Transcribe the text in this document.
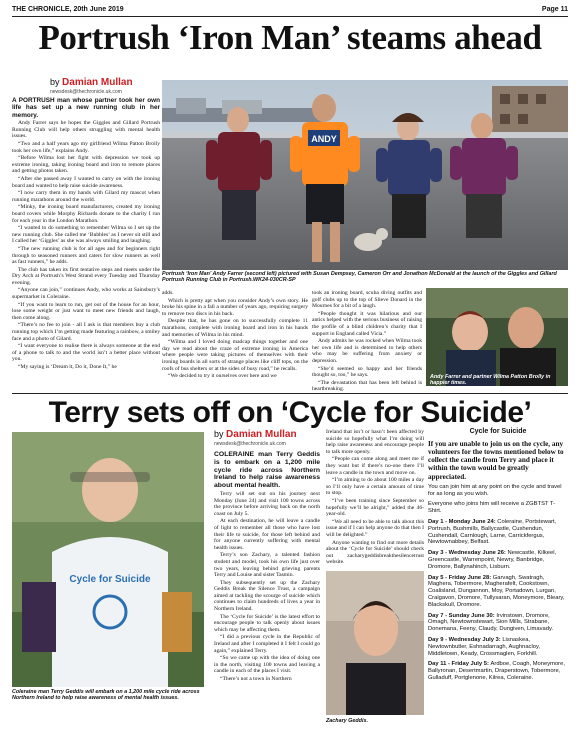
THE CHRONICLE, 20th June 2019	Page 11
Portrush ‘Iron Man’ steams ahead
by Damian Mullan
newsdesk@thechronicle.uk.com

A PORTRUSH man whose partner took her own life has set up a new running club in her memory.

Andy Farrer says he hopes the Giggles and Gillard Portrush Running Club will help others struggling with mental health issues.

“Two and a half years ago my girlfriend Wilma Patton Brolly took her own life,” explains Andy.

“Before Wilma lost her fight with depression we took up extreme ironing, taking ironing board and iron to remote places and getting photos taken.

“After she passed away I wanted to carry on with the ironing board and wanted to help raise suicide awareness.

“I now carry them in my hands with Gilard my mascot when running marathons around the world.

“Minky, the ironing board manufacturers, created my ironing board covers while Morphy Richards donate to the charity I run for each year in the London Marathon.

“I wanted to do something to remember Wilma so I set up the new running club. She called me ‘Bubbles’ as I never sit still and I called her ‘Giggles’ as she was always smiling and laughing.

“The new running club is for all ages and for beginners right through to seasoned runners and caters for slow runners as well as fast runners,” he adds.

The club has taken its first tentative steps and meets under the Dry Arch at Portrush’s West Strand every Tuesday and Thursday evening.

“Anyone can join,” continues Andy, who works at Sainsbury’s supermarket in Coleraine.

“If you want to learn to run, get out of the house for an hour, lose some weight or just want to meet new friends and laugh, then come along.

“There’s no fee to join - all I ask is that members buy a club running top which I’m getting made featuring a rainbow, a smiley face and a photo of Gilard.

“I want everyone to realise there is always someone at the end of a phone to talk to and the world isn’t a better place without you.

“My saying is ‘Dream it, Do it, Done It,” he

ANDY
Portrush ‘Iron Man’ Andy Farrer (second left) pictured with Susan Dempsey, Cameron Orr and Jonathon McDonald at the launch of the Giggles and Gillard Portrush Running Club in Portrush.WK24-030CR-SP

adds.

Which is pretty apt when you consider Andy’s own story. He broke his spine in a fall a number of years ago, requiring surgery to remove two discs in his back.

Despite that, he has gone on to successfully complete 11 marathons, complete with ironing board and iron in his hands and memories of Wilma in his mind.

“Wilma and I loved doing madcap things together and one day we read about the craze of extreme ironing in America where people were taking pictures of themselves with their ironing boards in all sorts of strange places like cliff tops, on the roofs of bus shelters or at the sides of busy road,” he recalls.

“We decided to try it ourselves over here and we

took an ironing board, scuba diving outfits and golf clubs up to the top of Slieve Donard in the Mournes for a bit of a laugh.

“People thought it was hilarious and our antics helped with the serious business of raising the profile of a blind children’s charity that I support in England called Vicia.”

Andy admits he was rocked when Wilma took her own life and is determined to help others who may be suffering from anxiety or depression.

“She’d seemed so happy and her friends thought so, too,” he says.

“The devastation that has been left behind is heartbreaking.

Andy Farrer and partner Wilma Patton Brolly in happier times.
Terry sets off on ‘Cycle for Suicide’
Cycle for Suicide
Coleraine man Terry Geddis will embark on a 1,200 mile cycle ride across Northern Ireland to help raise awareness of mental health issues.
by Damian Mullan
newsdesk@thechronicle.uk.com

COLERAINE man Terry Geddis is to embark on a 1,200 mile cycle ride across Northern Ireland to help raise awareness about mental health.

Terry will set out on his journey next Monday (June 24) and visit 100 towns across the province before arriving back on the north coast on July 5.

At each destination, he will leave a candle of light to remember all those who have lost their life to suicide, for those left behind and for anyone currently suffering with mental health issues.

Terry’s son Zachary, a talented fashion student and model, took his own life just over two years, leaving behind grieving parents Terry and Louise and sister Tasmin.

They subsequently set up the Zachary Geddis Break the Silence Trust, a campaign aimed at tackling the scourge of suicide which continues to claim hundreds of lives a year in Northern Ireland.

The ‘Cycle for Suicide’ is the latest effort to encourage people to talk openly about issues which may be affecting them.

“I did a previous cycle in the Republic of Ireland and after I completed it I felt I could go again,” explained Terry.

“So we came up with the idea of doing one in the north, visiting 100 towns and leaving a candle in each of the places I visit.

“There’s not a town in Northern

Ireland that isn’t or hasn’t been affected by suicide so hopefully what I’m doing will help raise awareness and encourage people to talk more openly.

“People can come along and meet me if they want but if there’s no-one there I’ll leave a candle in the town and move on.

“I’m aiming to do about 100 miles a day so I’ll only have a certain amount of time to stop.

“I’ve been training since September so hopefully we’ll be alright,” added the 46-year-old.

“We all need to be able to talk about this issue and if I can help anyone do that then I will be delighted.”

Anyone wanting to find out more details about the ‘Cycle for Suicide’ should check out zacharygeddisbreakthesilencetrust website.

Zachary Geddis.
Cycle for Suicide
If you are unable to join us on the cycle, any volunteers for the towns mentioned below to collect the candle from Terry and place it within the town would be greatly appreciated.

You can join him at any point on the cycle and travel for as long as you wish.

Everyone who joins him will receive a ZGBTST T-Shirt.

Day 1 - Monday June 24: Coleraine, Portstewart, Portrush, Bushmills, Ballycastle, Cushendun, Cushendall, Carnlough, Larne, Carrickfergus, Newtownabbey, Belfast.

Day 3 - Wednesday June 26: Newcastle, Kilkeel, Greencastle, Warrenpoint, Newry, Banbridge, Dromore, Ballynahinch, Lisburn.

Day 5 - Friday June 28: Garvagh, Swatragh, Maghera, Tobermore, Magherafelt, Cookstown, Coalisland, Dungannon, Moy, Portadown, Lurgan, Craigavon, Dromore, Tullysaran, Moneymore, Bleary, Blackskull, Dromore.

Day 7 - Sunday June 30: Irvinstown, Dromore, Omagh, Newtownstewart, Sion Mills, Strabane, Donemana, Feeny, Claudy, Dungiven, Limavady.

Day 9 - Wednesday July 3: Lisnaskea, Newtownbutler, Eshnadarragh, Aughnacloy, Middletown, Keady, Crossmaglen, Forkhill.

Day 11 - Friday July 5: Ardboe, Coagh, Moneymore, Ballyronan, Desertmartin, Draperstown, Tobermore, Gulladuff, Portglenone, Kilrea, Coleraine.
